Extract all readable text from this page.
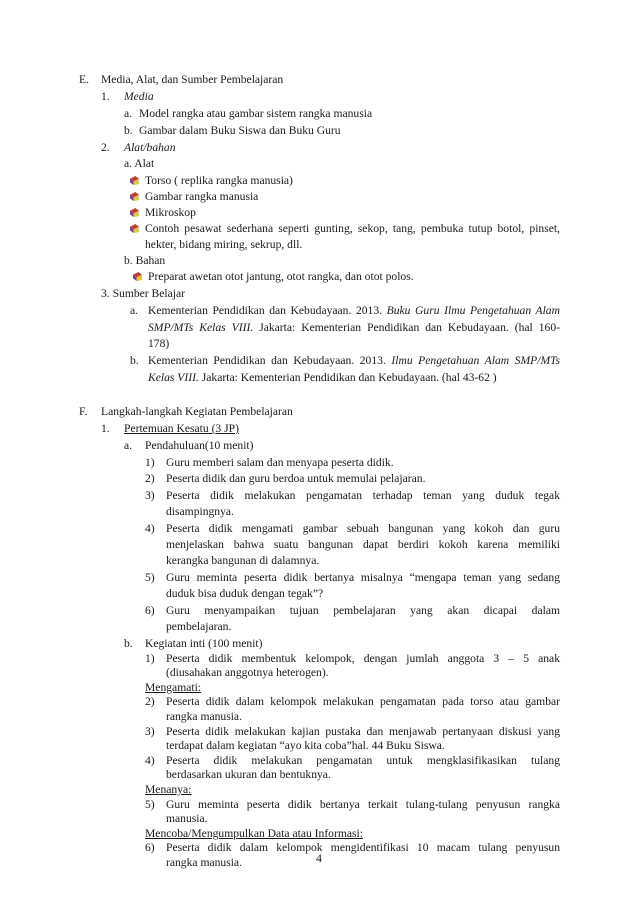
E. Media, Alat, dan Sumber Pembelajaran
1. Media
a. Model rangka atau gambar sistem rangka manusia
b. Gambar dalam Buku Siswa dan Buku Guru
2. Alat/bahan
a. Alat
Torso ( replika rangka manusia)
Gambar rangka manusia
Mikroskop
Contoh pesawat sederhana seperti gunting, sekop, tang, pembuka tutup botol, pinset,
hekter, bidang miring, sekrup, dll.
b. Bahan
Preparat awetan otot jantung, otot rangka, dan otot polos.
3. Sumber Belajar
a. Kementerian Pendidikan dan Kebudayaan. 2013. Buku Guru Ilmu Pengetahuan Alam
SMP/MTs Kelas VIII. Jakarta: Kementerian Pendidikan dan Kebudayaan. (hal 160-
178)
b. Kementerian Pendidikan dan Kebudayaan. 2013. Ilmu Pengetahuan Alam SMP/MTs
Kelas VIII. Jakarta: Kementerian Pendidikan dan Kebudayaan. (hal 43-62 )
F. Langkah-langkah Kegiatan Pembelajaran
1. Pertemuan Kesatu (3 JP)
a. Pendahuluan(10 menit)
1) Guru memberi salam dan menyapa peserta didik.
2) Peserta didik dan guru berdoa untuk memulai pelajaran.
3) Peserta didik melakukan pengamatan terhadap teman yang duduk tegak
disampingnya.
4) Peserta didik mengamati gambar sebuah bangunan yang kokoh dan guru
menjelaskan bahwa suatu bangunan dapat berdiri kokoh karena memiliki
kerangka bangunan di dalamnya.
5) Guru meminta peserta didik bertanya misalnya “mengapa teman yang sedang
duduk bisa duduk dengan tegak”?
6) Guru menyampaikan tujuan pembelajaran yang akan dicapai dalam
pembelajaran.
b. Kegiatan inti (100 menit)
1) Peserta didik membentuk kelompok, dengan jumlah anggota 3 – 5 anak
(diusahakan anggotnya heterogen).
Mengamati:
2) Peserta didik dalam kelompok melakukan pengamatan pada torso atau gambar
rangka manusia.
3) Peserta didik melakukan kajian pustaka dan menjawab pertanyaan diskusi yang
terdapat dalam kegiatan “ayo kita coba”hal. 44 Buku Siswa.
4) Peserta didik melakukan pengamatan untuk mengklasifikasikan tulang
berdasarkan ukuran dan bentuknya.
Menanya:
5) Guru meminta peserta didik bertanya terkait tulang-tulang penyusun rangka
manusia.
Mencoba/Mengumpulkan Data atau Informasi:
6) Peserta didik dalam kelompok mengidentifikasi 10 macam tulang penyusun
rangka manusia.	4
